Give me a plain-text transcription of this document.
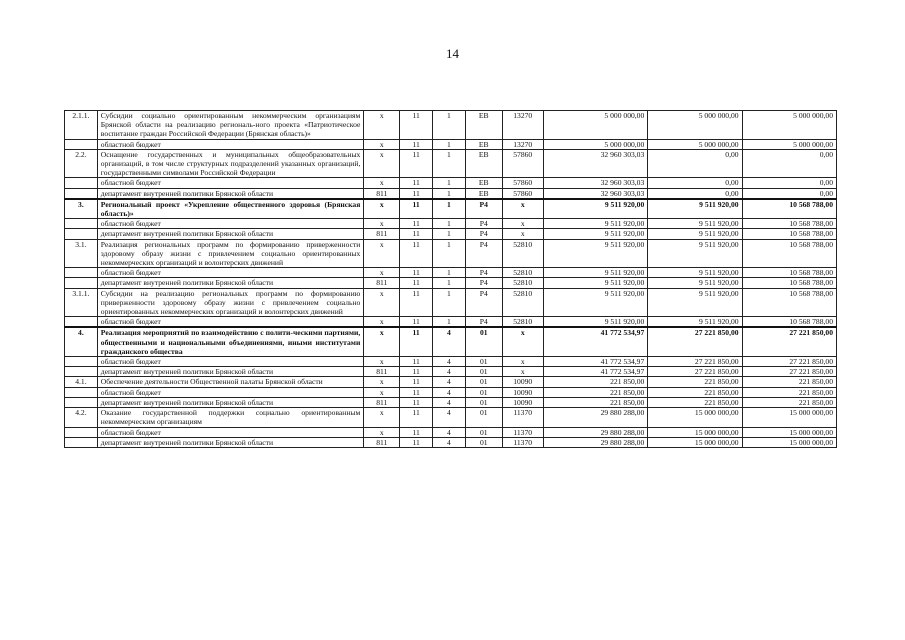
14
2.1.1.	Субсидии социально ориентированным некоммерческим организациям Брянской области на реализацию региональ-ного проекта «Патриотическое воспитание граждан Российской Федерации (Брянская область)»	х	11	1	EB	13270	5 000 000,00	5 000 000,00	5 000 000,00
	областной бюджет	х	11	1	EB	13270	5 000 000,00	5 000 000,00	5 000 000,00
2.2.	Оснащение государственных и муниципальных общеобразовательных организаций, в том числе структурных подразделений указанных организаций, государственными символами Российской Федерации	х	11	1	EB	57860	32 960 303,03	0,00	0,00
	областной бюджет	х	11	1	EB	57860	32 960 303,03	0,00	0,00
	департамент внутренней политики Брянской области	811	11	1	EB	57860	32 960 303,03	0,00	0,00
3.	Региональный проект «Укрепление общественного здоровья (Брянская область)»	х	11	1	P4	х	9 511 920,00	9 511 920,00	10 568 788,00
	областной бюджет	х	11	1	P4	х	9 511 920,00	9 511 920,00	10 568 788,00
	департамент внутренней политики Брянской области	811	11	1	P4	х	9 511 920,00	9 511 920,00	10 568 788,00
3.1.	Реализация региональных программ по формированию приверженности здоровому образу жизни с привлечением социально ориентированных некоммерческих организаций и волонтерских движений	х	11	1	P4	52810	9 511 920,00	9 511 920,00	10 568 788,00
	областной бюджет	х	11	1	P4	52810	9 511 920,00	9 511 920,00	10 568 788,00
	департамент внутренней политики Брянской области	811	11	1	P4	52810	9 511 920,00	9 511 920,00	10 568 788,00
3.1.1.	Субсидии на реализацию региональных программ по формированию приверженности здоровому образу жизни с привлечением социально ориентированных некоммерческих организаций и волонтерских движений	х	11	1	P4	52810	9 511 920,00	9 511 920,00	10 568 788,00
	областной бюджет	х	11	1	P4	52810	9 511 920,00	9 511 920,00	10 568 788,00
4.	Реализация мероприятий по взаимодействию с полити-ческими партиями, общественными и национальными объединениями, иными институтами гражданского общества	х	11	4	01	х	41 772 534,97	27 221 850,00	27 221 850,00
	областной бюджет	х	11	4	01	х	41 772 534,97	27 221 850,00	27 221 850,00
	департамент внутренней политики Брянской области	811	11	4	01	х	41 772 534,97	27 221 850,00	27 221 850,00
4.1.	Обеспечение деятельности Общественной палаты Брянской области	х	11	4	01	10090	221 850,00	221 850,00	221 850,00
	областной бюджет	х	11	4	01	10090	221 850,00	221 850,00	221 850,00
	департамент внутренней политики Брянской области	811	11	4	01	10090	221 850,00	221 850,00	221 850,00
4.2.	Оказание государственной поддержки социально ориентированным некоммерческим организациям	х	11	4	01	11370	29 880 288,00	15 000 000,00	15 000 000,00
	областной бюджет	х	11	4	01	11370	29 880 288,00	15 000 000,00	15 000 000,00
	департамент внутренней политики Брянской области	811	11	4	01	11370	29 880 288,00	15 000 000,00	15 000 000,00
